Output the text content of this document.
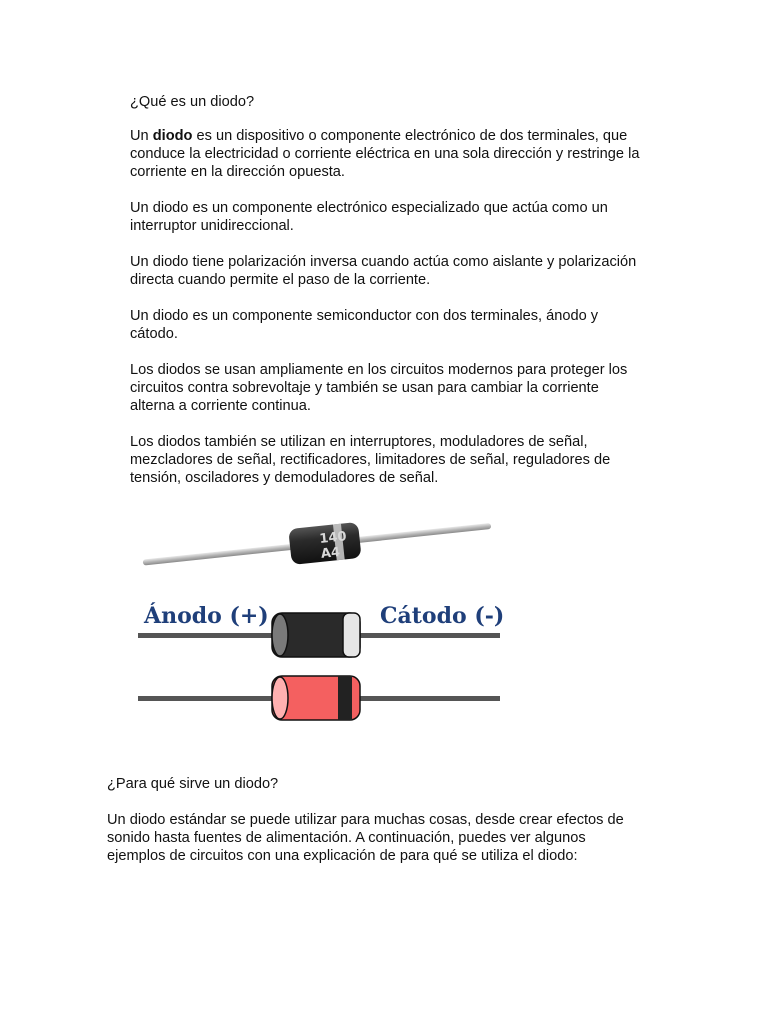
¿Qué es un diodo?

Un diodo es un dispositivo o componente electrónico de dos terminales, que
conduce la electricidad o corriente eléctrica en una sola dirección y restringe la
corriente en la dirección opuesta.

Un diodo es un componente electrónico especializado que actúa como un
interruptor unidireccional.

Un diodo tiene polarización inversa cuando actúa como aislante y polarización
directa cuando permite el paso de la corriente.

Un diodo es un componente semiconductor con dos terminales, ánodo y
cátodo.

Los diodos se usan ampliamente en los circuitos modernos para proteger los
circuitos contra sobrevoltaje y también se usan para cambiar la corriente
alterna a corriente continua.

Los diodos también se utilizan en interruptores, moduladores de señal,
mezcladores de señal, rectificadores, limitadores de señal, reguladores de
tensión, osciladores y demoduladores de señal.

140
A4
Ánodo (+)	Cátodo (-)

¿Para qué sirve un diodo?

Un diodo estándar se puede utilizar para muchas cosas, desde crear efectos de
sonido hasta fuentes de alimentación. A continuación, puedes ver algunos
ejemplos de circuitos con una explicación de para qué se utiliza el diodo:
